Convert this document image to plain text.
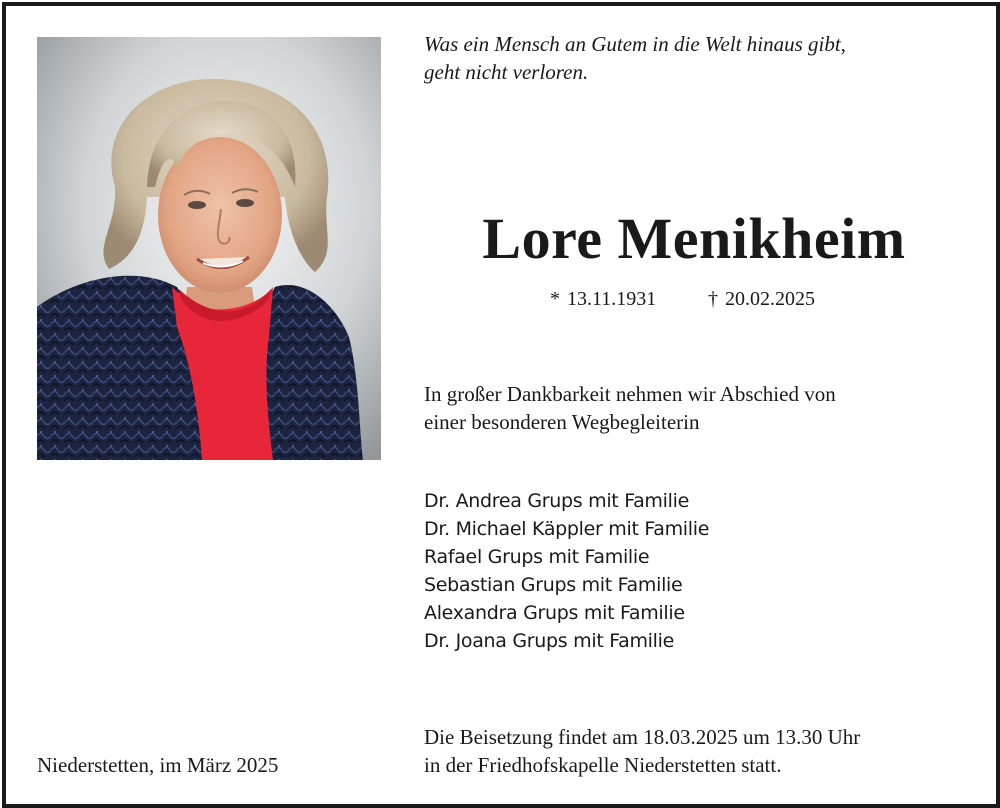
Was ein Mensch an Gutem in die Welt hinaus gibt,
geht nicht verloren.
Lore Menikheim
* 13.11.1931	† 20.02.2025
In großer Dankbarkeit nehmen wir Abschied von
einer besonderen Wegbegleiterin
Dr. Andrea Grups mit Familie
Dr. Michael Käppler mit Familie
Rafael Grups mit Familie
Sebastian Grups mit Familie
Alexandra Grups mit Familie
Dr. Joana Grups mit Familie
Niederstetten, im März 2025
Die Beisetzung findet am 18.03.2025 um 13.30 Uhr
in der Friedhofskapelle Niederstetten statt.
